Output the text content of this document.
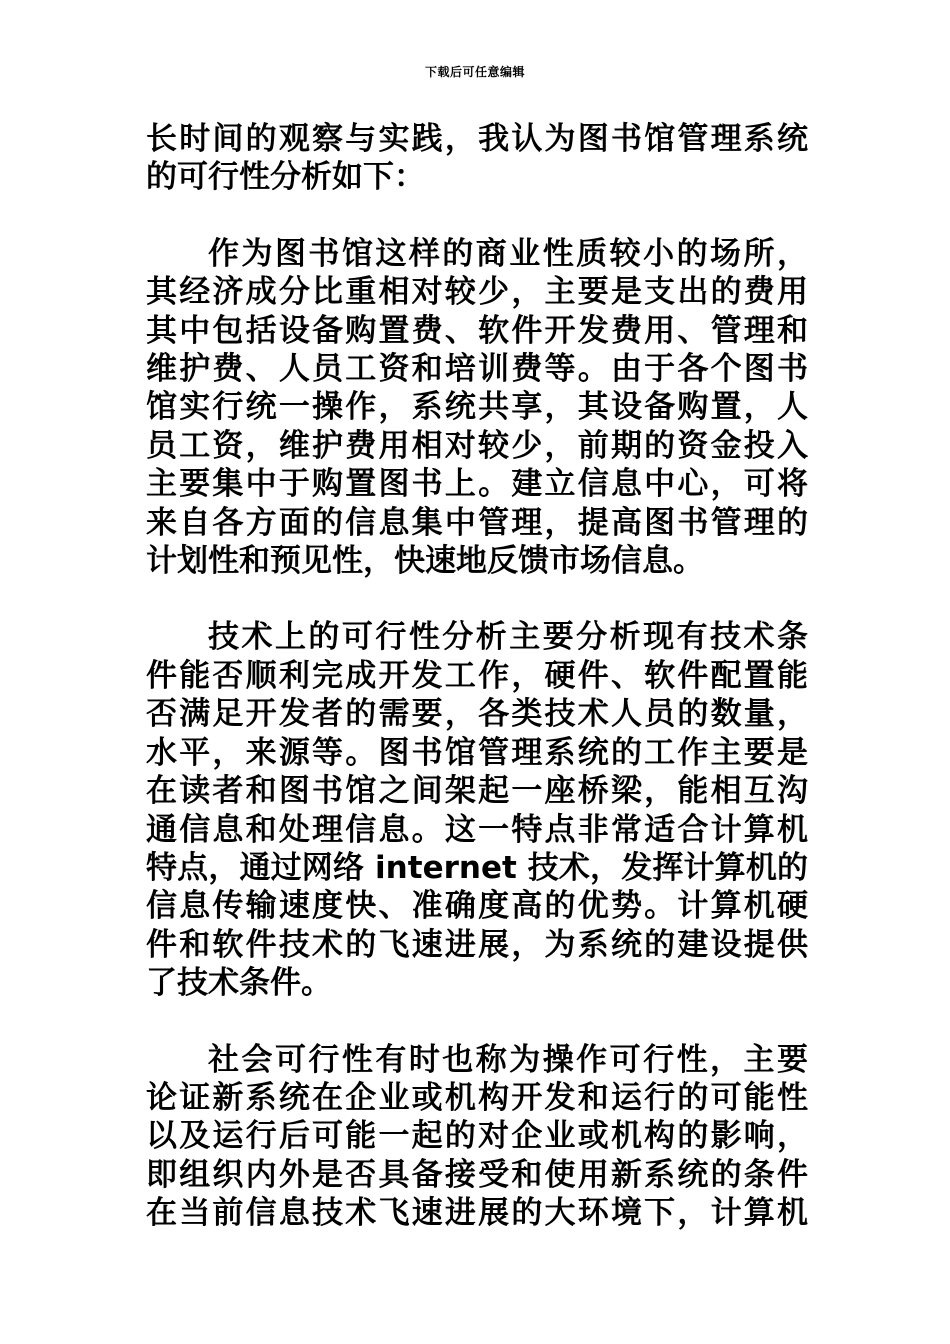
下载后可任意编辑

长时间的观察与实践，我认为图书馆管理系统
的可行性分析如下：

作为图书馆这样的商业性质较小的场所，
其经济成分比重相对较少，主要是支出的费用
其中包括设备购置费、软件开发费用、管理和
维护费、人员工资和培训费等。由于各个图书
馆实行统一操作，系统共享，其设备购置，人
员工资，维护费用相对较少，前期的资金投入
主要集中于购置图书上。建立信息中心，可将
来自各方面的信息集中管理，提高图书管理的
计划性和预见性，快速地反馈市场信息。

技术上的可行性分析主要分析现有技术条
件能否顺利完成开发工作，硬件、软件配置能
否满足开发者的需要，各类技术人员的数量，
水平，来源等。图书馆管理系统的工作主要是
在读者和图书馆之间架起一座桥梁，能相互沟
通信息和处理信息。这一特点非常适合计算机
特点，通过网络 internet 技术，发挥计算机的
信息传输速度快、准确度高的优势。计算机硬
件和软件技术的飞速进展，为系统的建设提供
了技术条件。

社会可行性有时也称为操作可行性，主要
论证新系统在企业或机构开发和运行的可能性
以及运行后可能一起的对企业或机构的影响，
即组织内外是否具备接受和使用新系统的条件
在当前信息技术飞速进展的大环境下，计算机
